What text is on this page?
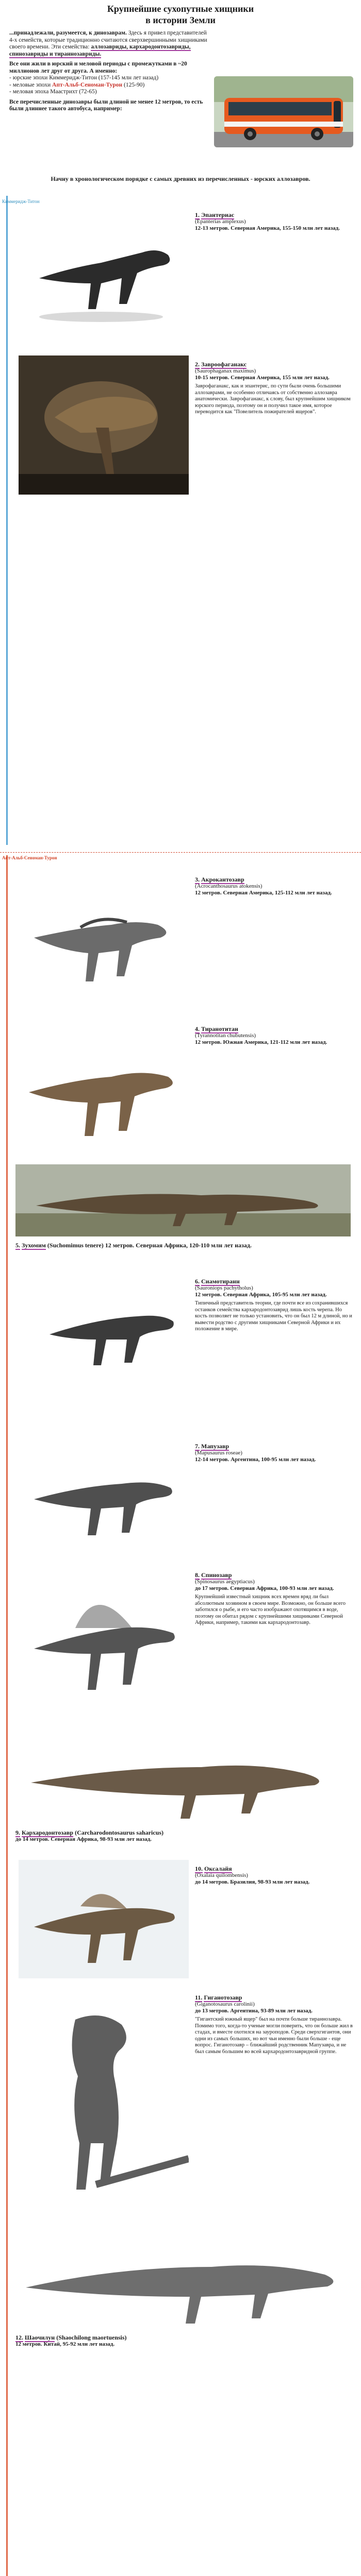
Крупнейшие сухопутные хищники
в истории Земли

...принадлежали, разумеется, к динозаврам. Здесь я привел представителей 4-х семейств, которые традиционно считаются сверхвершинными хищниками своего времени. Эти семейства: аллозавриды, кархародонтозавриды, спинозавриды и тираннозавриды.

Все они жили в юрский и меловой периоды с промежутками в ~20 миллионов лет друг от друга. А именно:
- юрские эпохи Киммеридж-Титон (157-145 млн лет назад)
- меловые эпохи Апт-Альб-Сеноман-Турон (125-90)
- меловая эпоха Маастрихт (72-65)

Все перечисленные динозавры были длиной не менее 12 метров, то есть были длиннее такого автобуса, например:

Начну в хронологическом порядке с самых древних из перечисленных - юрских аллозавров.
Киммеридж-Титон
Апт-Альб-Сеноман-Турон
1. Эпантериас
(Epanterias amplexus)
12-13 метров. Северная Америка, 155-150 млн лет назад.
2. Завроофаганакс
(Saurophaganax maximus)
10-15 метров. Северная Америка, 155 млн лет назад.
Заврофаганакс, как и эпантерис, по сути были очень большими аллозаврами, не особенно отличаясь от собственно аллозавра анатомически. Заврофаганакс, к слову, был крупнейшим хищником юрского периода, поэтому он и получил такое имя, которое переводится как "Повелитель пожирателей ящеров".
3. Акрокантозавр
(Acrocanthosaurus atokensis)
12 метров. Северная Америка, 125-112 млн лет назад.
4. Тиранотитан
(Tyrannotitan chubutensis)
12 метров. Южная Америка, 121-112 млн лет назад.
5. Зухомим (Suchomimus tenere) 12 метров. Северная Африка, 120-110 млн лет назад.
6. Сиамотиранн
(Sauroniops pachytholus)
12 метров. Северная Африка, 105-95 млн лет назад.
Типичный представитель теории, где почти все из сохранившихся останков семейства кархародонтозаврид лишь кость черепа. Но кость позволяет не только установить, что он был 12 м длиной, но и вывести родство с другими хищниками Северной Африки и их положение в мире.
7. Мапузавр
(Mapusaurus roseae)
12-14 метров. Аргентина, 100-95 млн лет назад.
8. Спинозавр
(Spinosaurus aegyptiacus)
до 17 метров. Северная Африка, 100-93 млн лет назад.
Крупнейший известный хищник всех времен вряд ли был абсолютным хозяином в своем мире. Возможно, он больше всего заботился о рыбе, и его часто изображают охотящимся в воде, поэтому он обитал рядом с крупнейшими хищниками Северной Африки, например, такими как кархародонтозавр.
9. Кархародонтозавр (Carcharodontosaurus saharicus)
до 14 метров. Северная Африка, 98-93 млн лет назад.
10. Оксалайя
(Oxalaia quilombensis)
до 14 метров. Бразилия, 98-93 млн лет назад.
11. Гиганотозавр
(Giganotosaurus carolinii)
до 13 метров. Аргентина, 93-89 млн лет назад.
"Гигантский южный ящер" был на почти больше тираннозавра. Помимо того, когда-то ученые могли поверить, что он больше жил в стадах, и вместе охотился на зауроподов. Среди сверхгигантов, они одни из самых больших, но вот чьи именно были больше - еще вопрос. Гиганотозавр – ближайший родственник Мапузавра, и не был самым большим во всей кархародонтозавридной группе.
12. Шаочилун (Shaochilong maortuensis)
12 метров. Китай, 95-92 млн лет назад.
